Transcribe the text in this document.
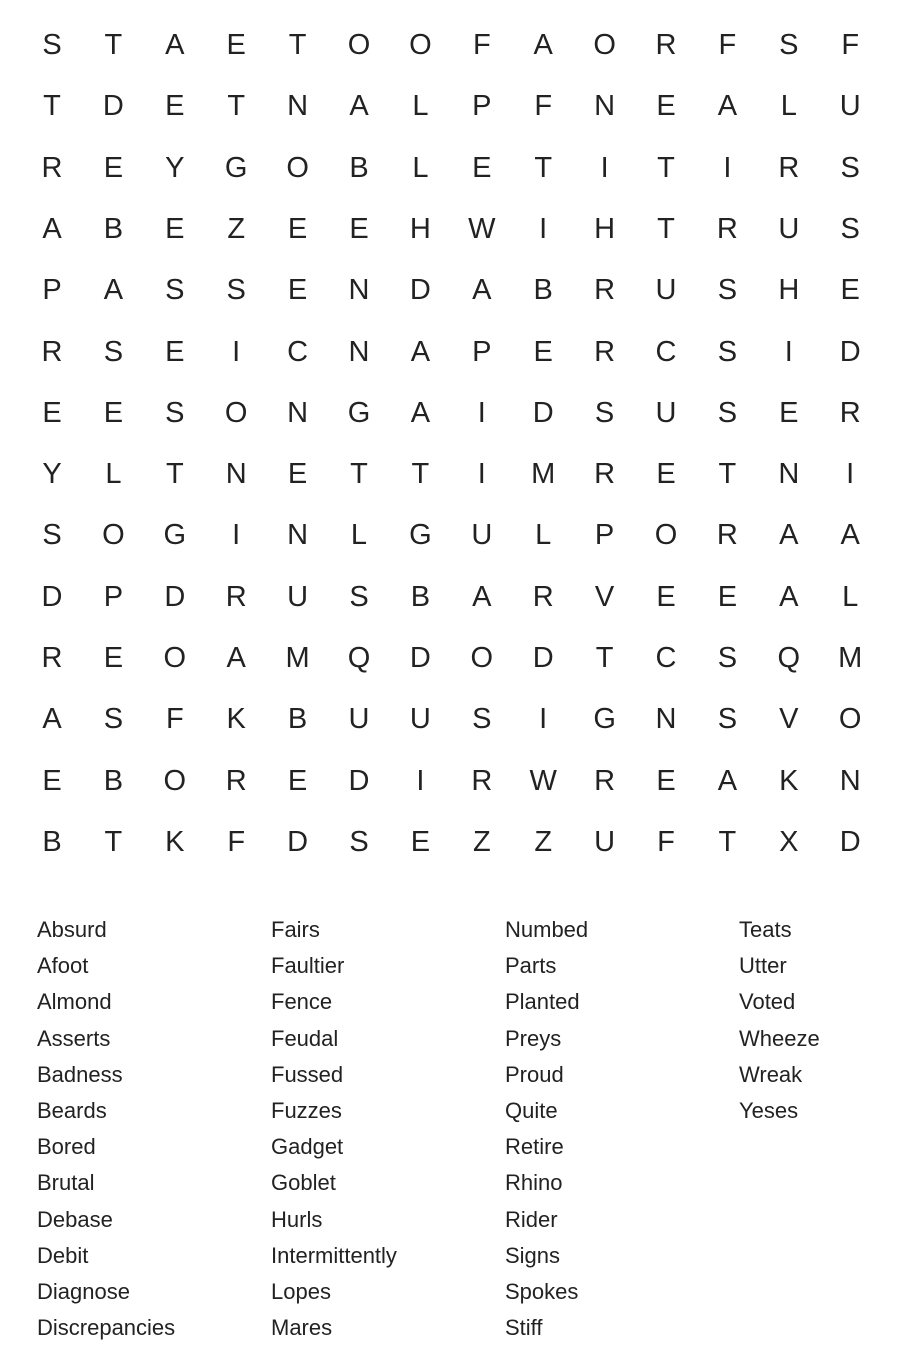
S	T	A	E	T	O	O	F	A	O	R	F	S	F
T	D	E	T	N	A	L	P	F	N	E	A	L	U
R	E	Y	G	O	B	L	E	T	I	T	I	R	S
A	B	E	Z	E	E	H	W	I	H	T	R	U	S
P	A	S	S	E	N	D	A	B	R	U	S	H	E
R	S	E	I	C	N	A	P	E	R	C	S	I	D
E	E	S	O	N	G	A	I	D	S	U	S	E	R
Y	L	T	N	E	T	T	I	M	R	E	T	N	I
S	O	G	I	N	L	G	U	L	P	O	R	A	A
D	P	D	R	U	S	B	A	R	V	E	E	A	L
R	E	O	A	M	Q	D	O	D	T	C	S	Q	M
A	S	F	K	B	U	U	S	I	G	N	S	V	O
E	B	O	R	E	D	I	R	W	R	E	A	K	N
B	T	K	F	D	S	E	Z	Z	U	F	T	X	D
Absurd
Afoot
Almond
Asserts
Badness
Beards
Bored
Brutal
Debase
Debit
Diagnose
Discrepancies
Fairs
Faultier
Fence
Feudal
Fussed
Fuzzes
Gadget
Goblet
Hurls
Intermittently
Lopes
Mares
Numbed
Parts
Planted
Preys
Proud
Quite
Retire
Rhino
Rider
Signs
Spokes
Stiff
Teats
Utter
Voted
Wheeze
Wreak
Yeses
